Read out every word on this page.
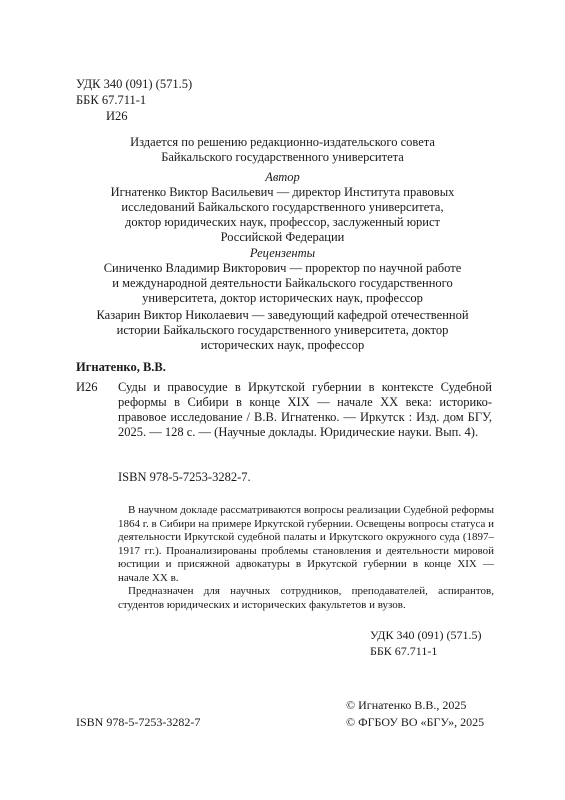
УДК 340 (091) (571.5)
ББК 67.711-1
И26
Издается по решению редакционно-издательского совета
Байкальского государственного университета
Автор
Игнатенко Виктор Васильевич — директор Института правовых
исследований Байкальского государственного университета,
доктор юридических наук, профессор, заслуженный юрист
Российской Федерации
Рецензенты
Синиченко Владимир Викторович — проректор по научной работе
и международной деятельности Байкальского государственного
университета, доктор исторических наук, профессор
Казарин Виктор Николаевич — заведующий кафедрой отечественной
истории Байкальского государственного университета, доктор
исторических наук, профессор
Игнатенко, В.В.
И26 Суды и правосудие в Иркутской губернии в контексте Судебной реформы в Сибири в конце XIX — начале XX века: историко-правовое исследование / В.В. Игнатенко. — Иркутск : Изд. дом БГУ, 2025. — 128 с. — (Научные доклады. Юридические науки. Вып. 4).
ISBN 978-5-7253-3282-7.
В научном докладе рассматриваются вопросы реализации Судебной реформы 1864 г. в Сибири на примере Иркутской губернии. Освещены вопросы статуса и деятельности Иркутской судебной палаты и Иркутского окружного суда (1897–1917 гг.). Проанализированы проблемы становления и деятельности мировой юстиции и присяжной адвокатуры в Иркутской губернии в конце XIX — начале XX в.
Предназначен для научных сотрудников, преподавателей, аспирантов, студентов юридических и исторических факультетов и вузов.
УДК 340 (091) (571.5)
ББК 67.711-1
© Игнатенко В.В., 2025
© ФГБОУ ВО «БГУ», 2025
ISBN 978-5-7253-3282-7
